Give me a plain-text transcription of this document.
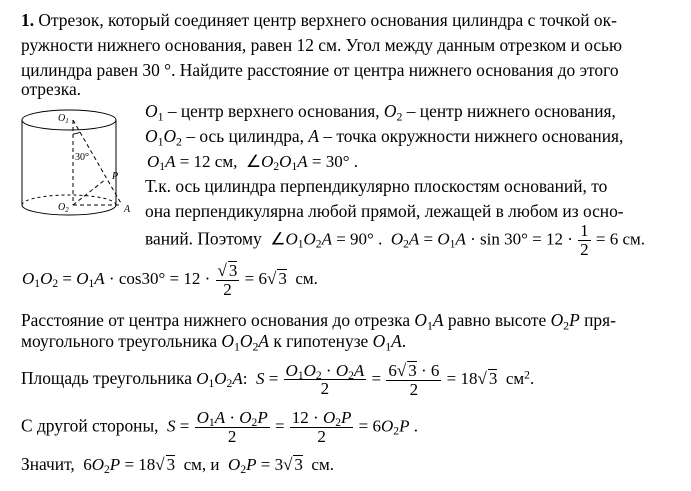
1. Отрезок, который соединяет центр верхнего основания цилиндра с точкой ок-
ружности нижнего основания, равен 12 см. Угол между данным отрезком и осью
цилиндра равен 30 °. Найдите расстояние от центра нижнего основания до этого
отрезка.
$O_1$
$O_2$
30°
P
A
$O_1$ – центр верхнего основания, $O_2$ – центр нижнего основания,
$O_1O_2$ – ось цилиндра, A – точка окружности нижнего основания,
$O_1A = 12$ см,  $\angle O_2O_1A = 30^\circ$ .
Т.к. ось цилиндра перпендикулярно плоскостям оснований, то
она перпендикулярна любой прямой, лежащей в любом из осно-
ваний. Поэтому  $\angle O_1O_2A = 90^\circ$ . $O_2A = O_1A \cdot \sin 30^\circ = 12 \cdot \frac{1}{2} = 6$ см.
$O_1O_2 = O_1A \cdot \cos 30^\circ = 12 \cdot \frac{√ 3}{2} = 6√$ 3 см.
Расстояние от центра нижнего основания до отрезка $O_1A$ равно высоте $O_2P$ пря-
моугольного треугольника $O_1O_2A$ к гипотенузе $O_1A$.
Площадь треугольника $O_1O_2A$: $S = \frac{O_1O_2 \cdot O_2A}{2} = \frac{6√ 3 \cdot 6}{2} = 18√$ 3 $см^2$.
С другой стороны, $S = \frac{O_1A \cdot O_2P}{2} = \frac{12 \cdot O_2P}{2} = 6O_2P$ .
Значит,  $6O_2P = 18√$ 3 см, и $O_2P = 3√$ 3 см.
